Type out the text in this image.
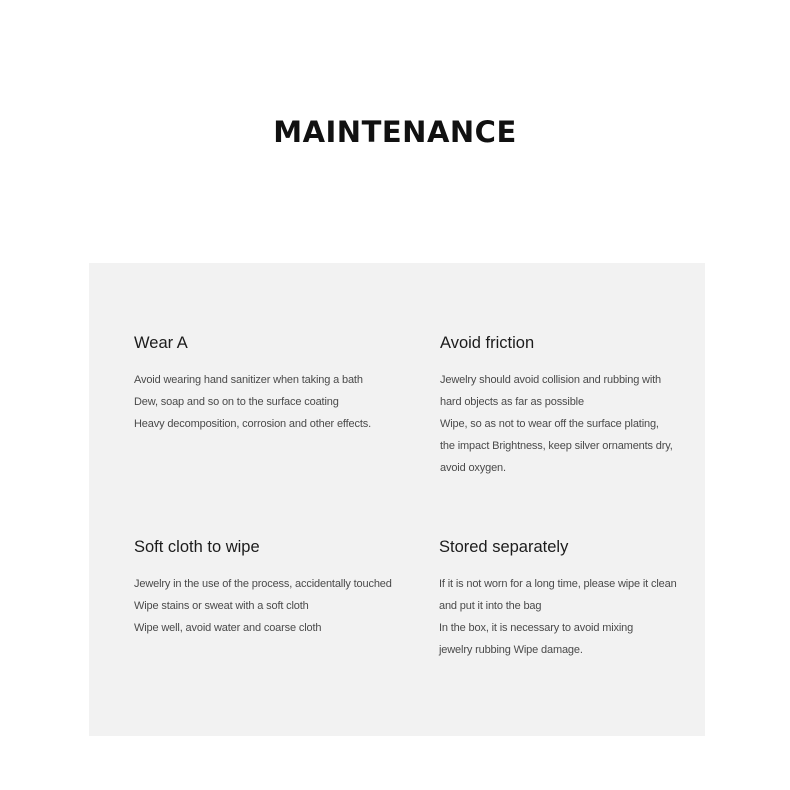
MAINTENANCE
Wear A
Avoid wearing hand sanitizer when taking a bath
Dew, soap and so on to the surface coating
Heavy decomposition, corrosion and other effects.
Avoid friction
Jewelry should avoid collision and rubbing with
hard objects as far as possible
Wipe, so as not to wear off the surface plating,
the impact Brightness, keep silver ornaments dry,
avoid oxygen.
Soft cloth to wipe
Jewelry in the use of the process, accidentally touched
Wipe stains or sweat with a soft cloth
Wipe well, avoid water and coarse cloth
Stored separately
If it is not worn for a long time, please wipe it clean
and put it into the bag
In the box, it is necessary to avoid mixing
jewelry rubbing Wipe damage.
